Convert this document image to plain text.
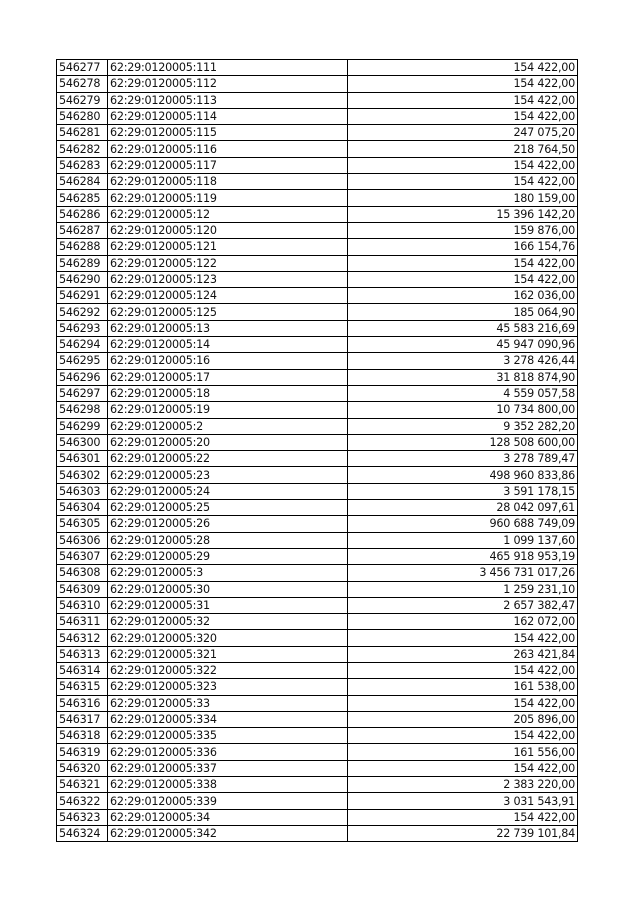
546277	62:29:0120005:111	154 422,00
546278	62:29:0120005:112	154 422,00
546279	62:29:0120005:113	154 422,00
546280	62:29:0120005:114	154 422,00
546281	62:29:0120005:115	247 075,20
546282	62:29:0120005:116	218 764,50
546283	62:29:0120005:117	154 422,00
546284	62:29:0120005:118	154 422,00
546285	62:29:0120005:119	180 159,00
546286	62:29:0120005:12	15 396 142,20
546287	62:29:0120005:120	159 876,00
546288	62:29:0120005:121	166 154,76
546289	62:29:0120005:122	154 422,00
546290	62:29:0120005:123	154 422,00
546291	62:29:0120005:124	162 036,00
546292	62:29:0120005:125	185 064,90
546293	62:29:0120005:13	45 583 216,69
546294	62:29:0120005:14	45 947 090,96
546295	62:29:0120005:16	3 278 426,44
546296	62:29:0120005:17	31 818 874,90
546297	62:29:0120005:18	4 559 057,58
546298	62:29:0120005:19	10 734 800,00
546299	62:29:0120005:2	9 352 282,20
546300	62:29:0120005:20	128 508 600,00
546301	62:29:0120005:22	3 278 789,47
546302	62:29:0120005:23	498 960 833,86
546303	62:29:0120005:24	3 591 178,15
546304	62:29:0120005:25	28 042 097,61
546305	62:29:0120005:26	960 688 749,09
546306	62:29:0120005:28	1 099 137,60
546307	62:29:0120005:29	465 918 953,19
546308	62:29:0120005:3	3 456 731 017,26
546309	62:29:0120005:30	1 259 231,10
546310	62:29:0120005:31	2 657 382,47
546311	62:29:0120005:32	162 072,00
546312	62:29:0120005:320	154 422,00
546313	62:29:0120005:321	263 421,84
546314	62:29:0120005:322	154 422,00
546315	62:29:0120005:323	161 538,00
546316	62:29:0120005:33	154 422,00
546317	62:29:0120005:334	205 896,00
546318	62:29:0120005:335	154 422,00
546319	62:29:0120005:336	161 556,00
546320	62:29:0120005:337	154 422,00
546321	62:29:0120005:338	2 383 220,00
546322	62:29:0120005:339	3 031 543,91
546323	62:29:0120005:34	154 422,00
546324	62:29:0120005:342	22 739 101,84
